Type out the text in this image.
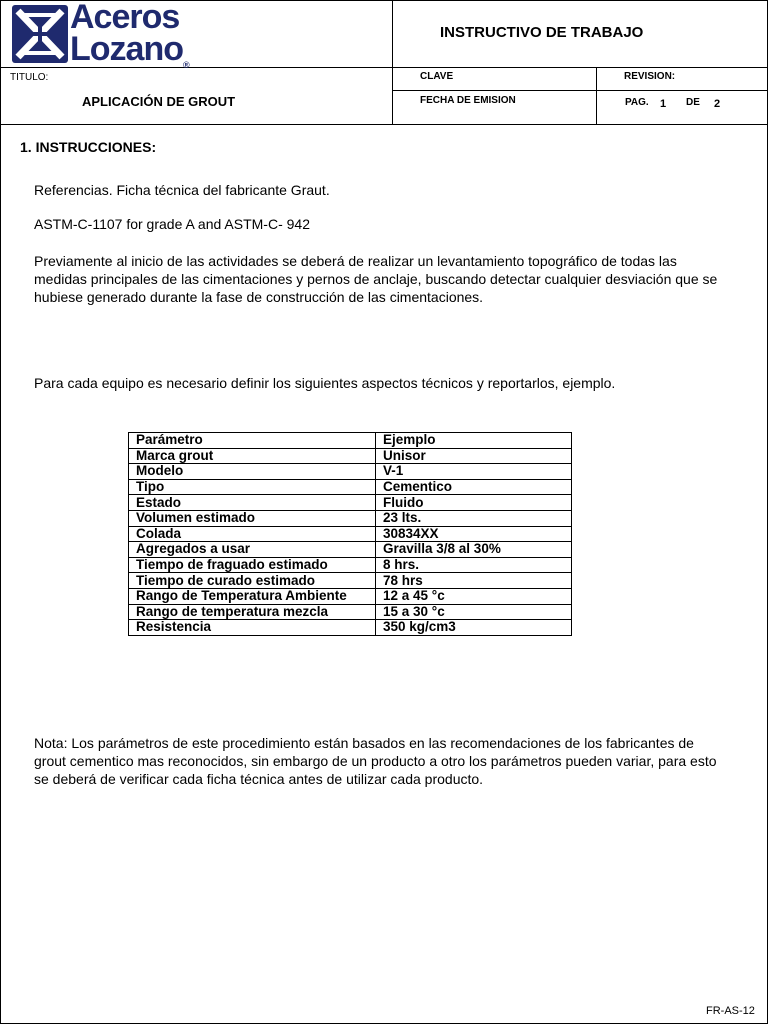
Aceros
Lozano®
INSTRUCTIVO DE TRABAJO
TITULO:
APLICACIÓN DE GROUT
CLAVE	REVISION:
FECHA DE EMISION	PAG. 1 DE 2
1. INSTRUCCIONES:
Referencias. Ficha técnica del fabricante Graut.
ASTM-C-1107 for grade A and ASTM-C- 942
Previamente al inicio de las actividades se deberá de realizar un levantamiento topográfico de todas las
medidas principales de las cimentaciones y pernos de anclaje, buscando detectar cualquier desviación que se
hubiese generado durante la fase de construcción de las cimentaciones.
Para cada equipo es necesario definir los siguientes aspectos técnicos y reportarlos, ejemplo.
Parámetro	Ejemplo
Marca grout	Unisor
Modelo	V-1
Tipo	Cementico
Estado	Fluido
Volumen estimado	23 lts.
Colada	30834XX
Agregados a usar	Gravilla 3/8 al 30%
Tiempo de fraguado estimado	8 hrs.
Tiempo de curado estimado	78 hrs
Rango de Temperatura Ambiente	12 a 45 °c
Rango de temperatura mezcla	15 a 30 °c
Resistencia	350 kg/cm3
Nota: Los parámetros de este procedimiento están basados en las recomendaciones de los fabricantes de
grout cementico mas reconocidos, sin embargo de un producto a otro los parámetros pueden variar, para esto
se deberá de verificar cada ficha técnica antes de utilizar cada producto.
FR-AS-12
